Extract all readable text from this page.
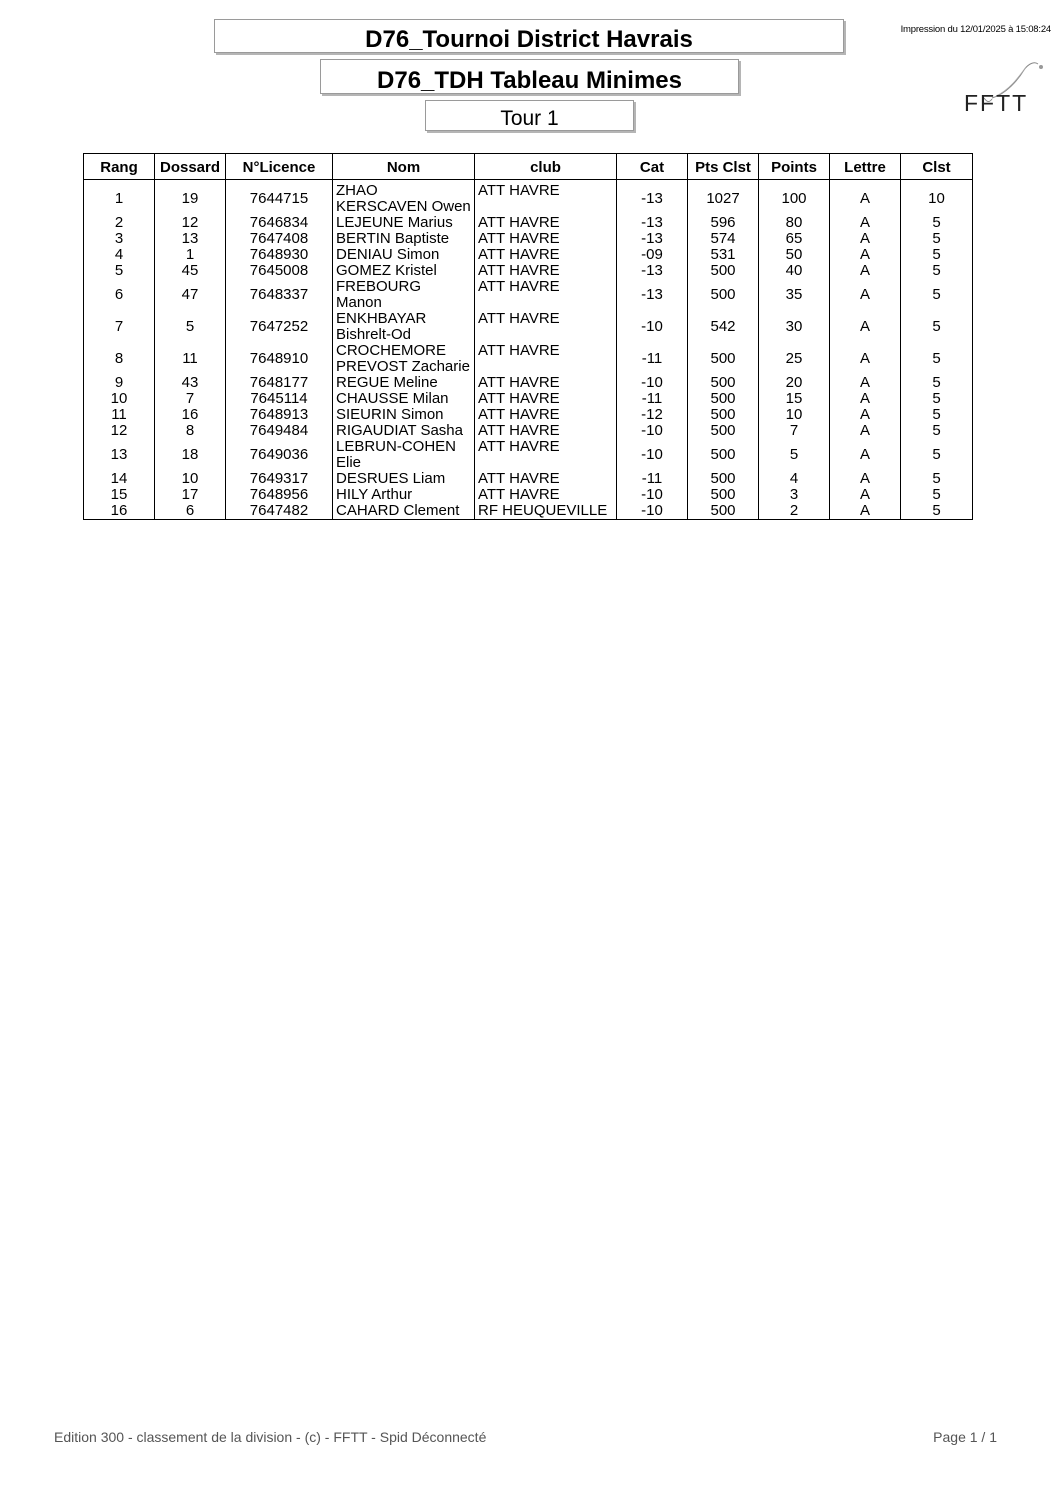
D76_Tournoi District Havrais
D76_TDH Tableau Minimes
Tour 1
Impression du 12/01/2025 à 15:08:24
FFTT
Rang	Dossard	N°Licence	Nom	club	Cat	Pts Clst	Points	Lettre	Clst
1	19	7644715	ZHAO KERSCAVEN Owen	ATT HAVRE	-13	1027	100	A	10
2	12	7646834	LEJEUNE Marius	ATT HAVRE	-13	596	80	A	5
3	13	7647408	BERTIN Baptiste	ATT HAVRE	-13	574	65	A	5
4	1	7648930	DENIAU Simon	ATT HAVRE	-09	531	50	A	5
5	45	7645008	GOMEZ Kristel	ATT HAVRE	-13	500	40	A	5
6	47	7648337	FREBOURG Manon	ATT HAVRE	-13	500	35	A	5
7	5	7647252	ENKHBAYAR Bishrelt-Od	ATT HAVRE	-10	542	30	A	5
8	11	7648910	CROCHEMORE PREVOST Zacharie	ATT HAVRE	-11	500	25	A	5
9	43	7648177	REGUE Meline	ATT HAVRE	-10	500	20	A	5
10	7	7645114	CHAUSSE Milan	ATT HAVRE	-11	500	15	A	5
11	16	7648913	SIEURIN Simon	ATT HAVRE	-12	500	10	A	5
12	8	7649484	RIGAUDIAT Sasha	ATT HAVRE	-10	500	7	A	5
13	18	7649036	LEBRUN-COHEN Elie	ATT HAVRE	-10	500	5	A	5
14	10	7649317	DESRUES Liam	ATT HAVRE	-11	500	4	A	5
15	17	7648956	HILY Arthur	ATT HAVRE	-10	500	3	A	5
16	6	7647482	CAHARD Clement	RF HEUQUEVILLE	-10	500	2	A	5
Edition 300 - classement de la division - (c) - FFTT - Spid Déconnecté	Page 1 / 1
